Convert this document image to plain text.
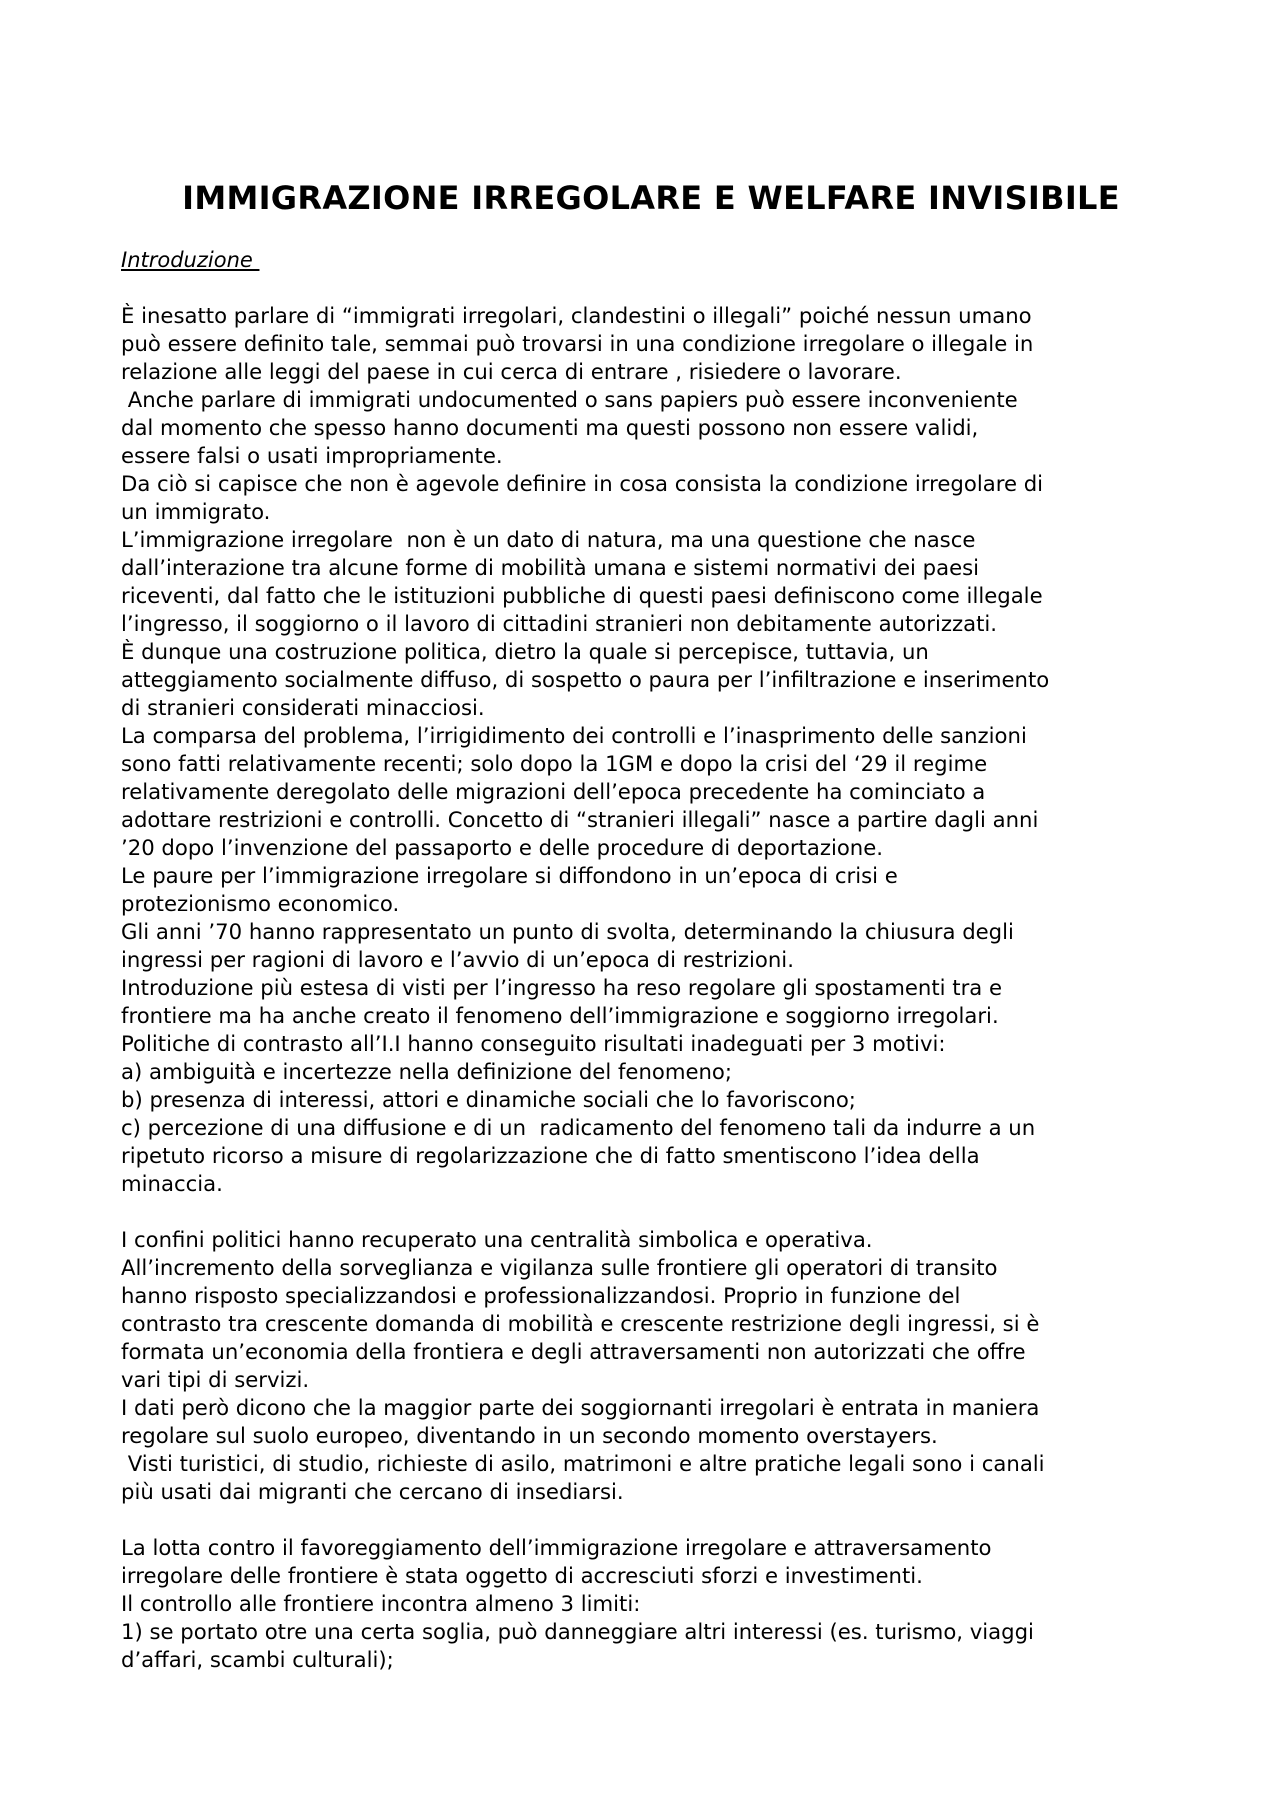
IMMIGRAZIONE IRREGOLARE E WELFARE INVISIBILE
Introduzione
È inesatto parlare di “immigrati irregolari, clandestini o illegali” poiché nessun umano
può essere definito tale, semmai può trovarsi in una condizione irregolare o illegale in
relazione alle leggi del paese in cui cerca di entrare , risiedere o lavorare.
Anche parlare di immigrati undocumented o sans papiers può essere inconveniente
dal momento che spesso hanno documenti ma questi possono non essere validi,
essere falsi o usati impropriamente.
Da ciò si capisce che non è agevole definire in cosa consista la condizione irregolare di
un immigrato.
L’immigrazione irregolare  non è un dato di natura, ma una questione che nasce
dall’interazione tra alcune forme di mobilità umana e sistemi normativi dei paesi
riceventi, dal fatto che le istituzioni pubbliche di questi paesi definiscono come illegale
l’ingresso, il soggiorno o il lavoro di cittadini stranieri non debitamente autorizzati.
È dunque una costruzione politica, dietro la quale si percepisce, tuttavia, un
atteggiamento socialmente diffuso, di sospetto o paura per l’infiltrazione e inserimento
di stranieri considerati minacciosi.
La comparsa del problema, l’irrigidimento dei controlli e l’inasprimento delle sanzioni
sono fatti relativamente recenti; solo dopo la 1GM e dopo la crisi del ‘29 il regime
relativamente deregolato delle migrazioni dell’epoca precedente ha cominciato a
adottare restrizioni e controlli. Concetto di “stranieri illegali” nasce a partire dagli anni
’20 dopo l’invenzione del passaporto e delle procedure di deportazione.
Le paure per l’immigrazione irregolare si diffondono in un’epoca di crisi e
protezionismo economico.
Gli anni ’70 hanno rappresentato un punto di svolta, determinando la chiusura degli
ingressi per ragioni di lavoro e l’avvio di un’epoca di restrizioni.
Introduzione più estesa di visti per l’ingresso ha reso regolare gli spostamenti tra e
frontiere ma ha anche creato il fenomeno dell’immigrazione e soggiorno irregolari.
Politiche di contrasto all’I.I hanno conseguito risultati inadeguati per 3 motivi:
a) ambiguità e incertezze nella definizione del fenomeno;
b) presenza di interessi, attori e dinamiche sociali che lo favoriscono;
c) percezione di una diffusione e di un  radicamento del fenomeno tali da indurre a un
ripetuto ricorso a misure di regolarizzazione che di fatto smentiscono l’idea della
minaccia.
I confini politici hanno recuperato una centralità simbolica e operativa.
All’incremento della sorveglianza e vigilanza sulle frontiere gli operatori di transito
hanno risposto specializzandosi e professionalizzandosi. Proprio in funzione del
contrasto tra crescente domanda di mobilità e crescente restrizione degli ingressi, si è
formata un’economia della frontiera e degli attraversamenti non autorizzati che offre
vari tipi di servizi.
I dati però dicono che la maggior parte dei soggiornanti irregolari è entrata in maniera
regolare sul suolo europeo, diventando in un secondo momento overstayers.
Visti turistici, di studio, richieste di asilo, matrimoni e altre pratiche legali sono i canali
più usati dai migranti che cercano di insediarsi.
La lotta contro il favoreggiamento dell’immigrazione irregolare e attraversamento
irregolare delle frontiere è stata oggetto di accresciuti sforzi e investimenti.
Il controllo alle frontiere incontra almeno 3 limiti:
1) se portato otre una certa soglia, può danneggiare altri interessi (es. turismo, viaggi
d’affari, scambi culturali);
